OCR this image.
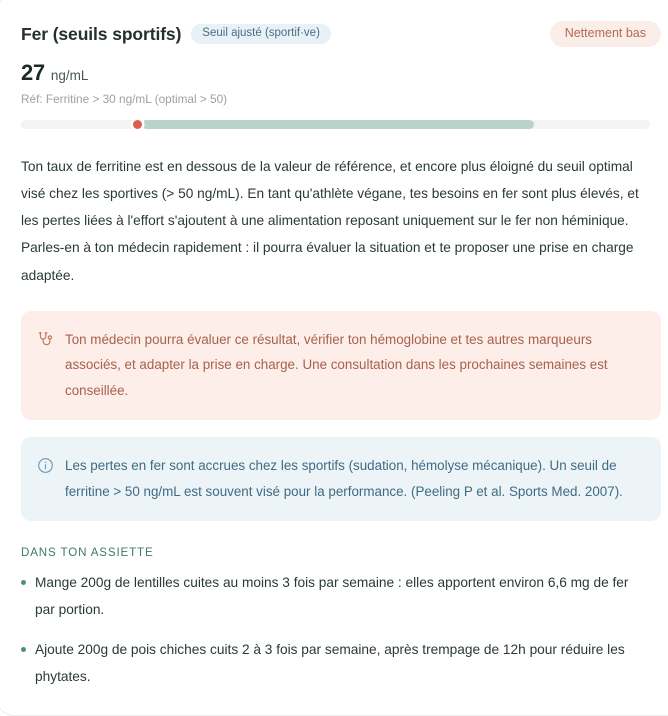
Fer (seuils sportifs)	Seuil ajusté (sportif·ve)	Nettement bas
27 ng/mL
Réf: Ferritine > 30 ng/mL (optimal > 50)

Ton taux de ferritine est en dessous de la valeur de référence, et encore plus éloigné du seuil optimal visé chez les sportives (> 50 ng/mL). En tant qu'athlète végane, tes besoins en fer sont plus élevés, et les pertes liées à l'effort s'ajoutent à une alimentation reposant uniquement sur le fer non héminique. Parles-en à ton médecin rapidement : il pourra évaluer la situation et te proposer une prise en charge adaptée.

Ton médecin pourra évaluer ce résultat, vérifier ton hémoglobine et tes autres marqueurs associés, et adapter la prise en charge. Une consultation dans les prochaines semaines est conseillée.
Les pertes en fer sont accrues chez les sportifs (sudation, hémolyse mécanique). Un seuil de ferritine > 50 ng/mL est souvent visé pour la performance. (Peeling P et al. Sports Med. 2007).
DANS TON ASSIETTE
Mange 200g de lentilles cuites au moins 3 fois par semaine : elles apportent environ 6,6 mg de fer par portion.
Ajoute 200g de pois chiches cuits 2 à 3 fois par semaine, après trempage de 12h pour réduire les phytates.
